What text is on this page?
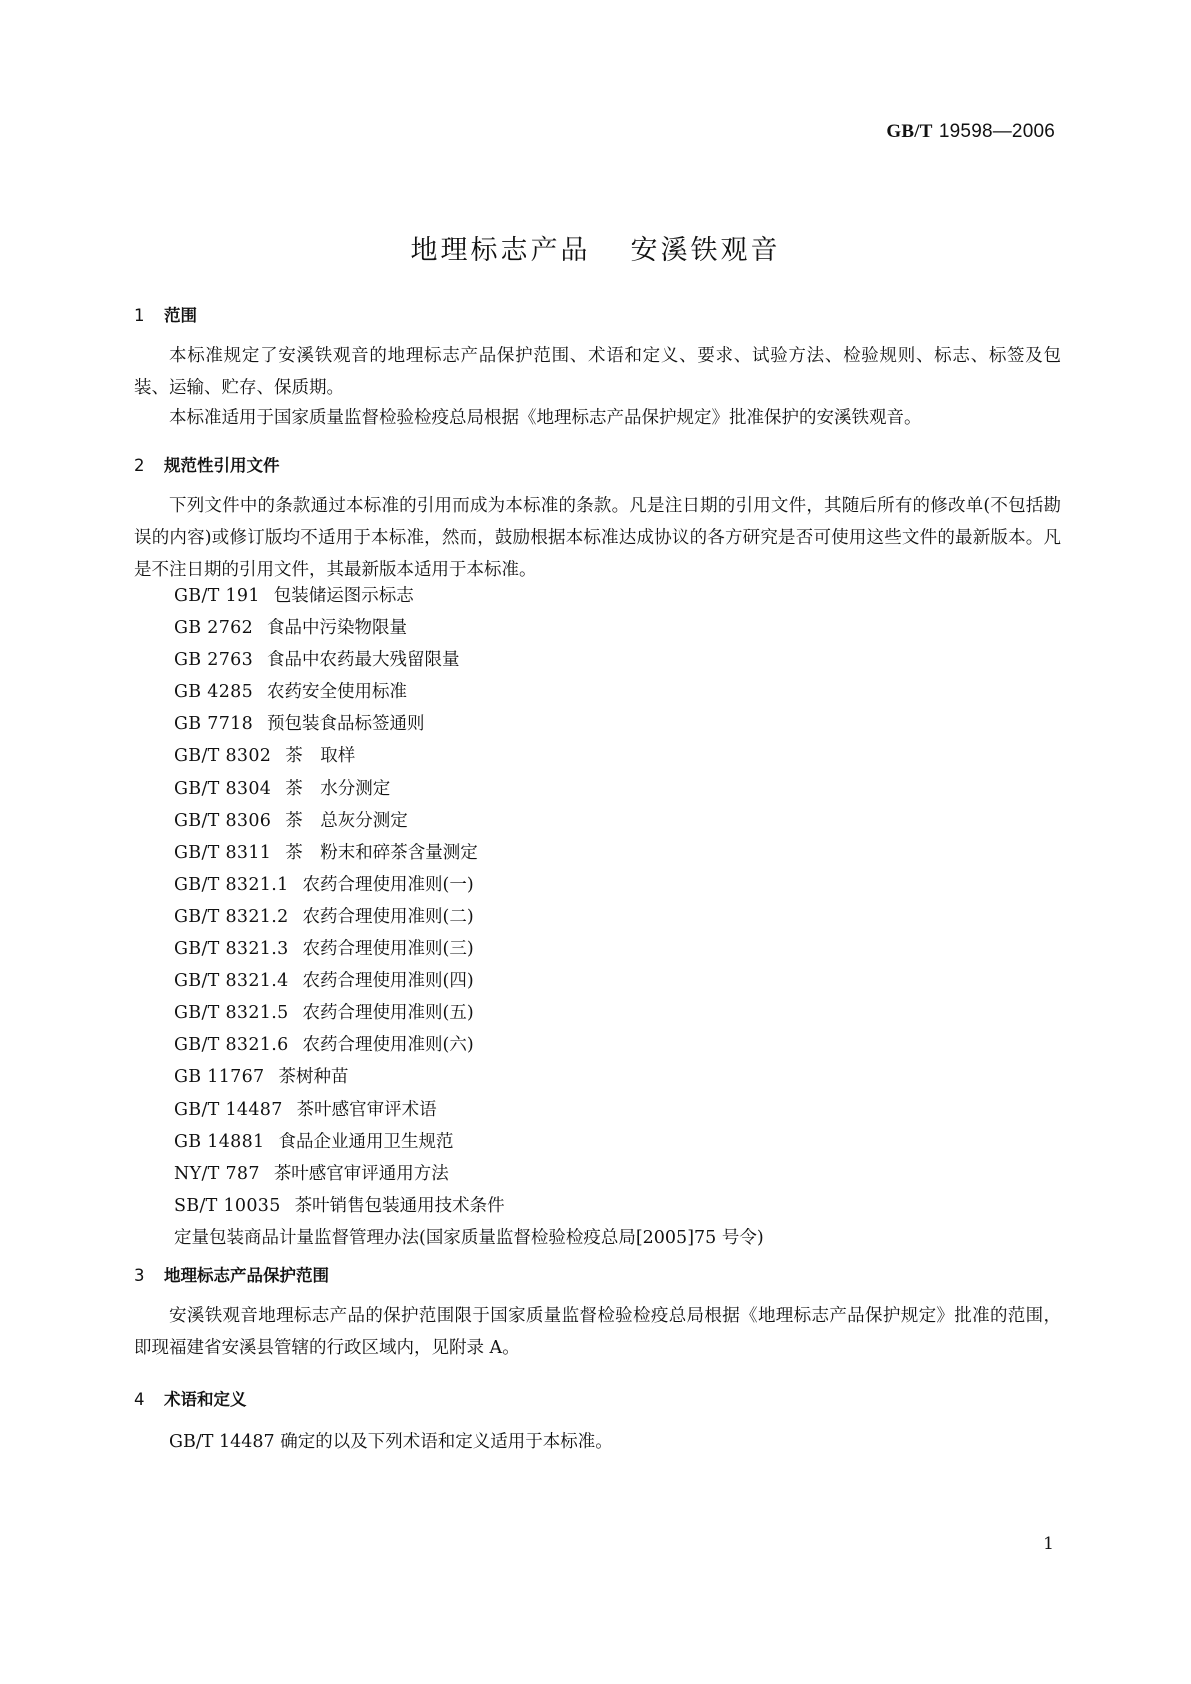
GB/T 19598—2006
地理标志产品 安溪铁观音
1 范围
本标准规定了安溪铁观音的地理标志产品保护范围、术语和定义、要求、试验方法、检验规则、标志、标签及包装、运输、贮存、保质期。
本标准适用于国家质量监督检验检疫总局根据《地理标志产品保护规定》批准保护的安溪铁观音。
2 规范性引用文件
下列文件中的条款通过本标准的引用而成为本标准的条款。凡是注日期的引用文件，其随后所有的修改单(不包括勘误的内容)或修订版均不适用于本标准，然而，鼓励根据本标准达成协议的各方研究是否可使用这些文件的最新版本。凡是不注日期的引用文件，其最新版本适用于本标准。
GB/T 191 包装储运图示标志
GB 2762 食品中污染物限量
GB 2763 食品中农药最大残留限量
GB 4285 农药安全使用标准
GB 7718 预包装食品标签通则
GB/T 8302 茶　取样
GB/T 8304 茶　水分测定
GB/T 8306 茶　总灰分测定
GB/T 8311 茶　粉末和碎茶含量测定
GB/T 8321.1 农药合理使用准则(一)
GB/T 8321.2 农药合理使用准则(二)
GB/T 8321.3 农药合理使用准则(三)
GB/T 8321.4 农药合理使用准则(四)
GB/T 8321.5 农药合理使用准则(五)
GB/T 8321.6 农药合理使用准则(六)
GB 11767 茶树种苗
GB/T 14487 茶叶感官审评术语
GB 14881 食品企业通用卫生规范
NY/T 787 茶叶感官审评通用方法
SB/T 10035 茶叶销售包装通用技术条件
定量包装商品计量监督管理办法(国家质量监督检验检疫总局[2005]75 号令)
3 地理标志产品保护范围
安溪铁观音地理标志产品的保护范围限于国家质量监督检验检疫总局根据《地理标志产品保护规定》批准的范围，即现福建省安溪县管辖的行政区域内，见附录 A。
4 术语和定义
GB/T 14487 确定的以及下列术语和定义适用于本标准。
1
